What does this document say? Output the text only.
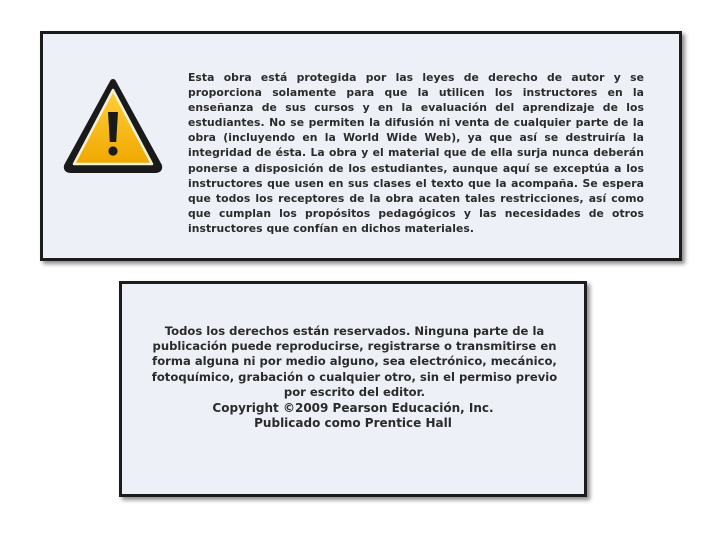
Esta obra está protegida por las leyes de derecho de autor y se proporciona solamente para que la utilicen los instructores en la enseñanza de sus cursos y en la evaluación del aprendizaje de los estudiantes. No se permiten la difusión ni venta de cualquier parte de la obra (incluyendo en la World Wide Web), ya que así se destruiría la integridad de ésta. La obra y el material que de ella surja nunca deberán ponerse a disposición de los estudiantes, aunque aquí se exceptúa a los instructores que usen en sus clases el texto que la acompaña. Se espera que todos los receptores de la obra acaten tales restricciones, así como que cumplan los propósitos pedagógicos y las necesidades de otros instructores que confían en dichos materiales.
Todos los derechos están reservados. Ninguna parte de la publicación puede reproducirse, registrarse o transmitirse en forma alguna ni por medio alguno, sea electrónico, mecánico, fotoquímico, grabación o cualquier otro, sin el permiso previo por escrito del editor.
Copyright ©2009 Pearson Educación, Inc.
Publicado como Prentice Hall
